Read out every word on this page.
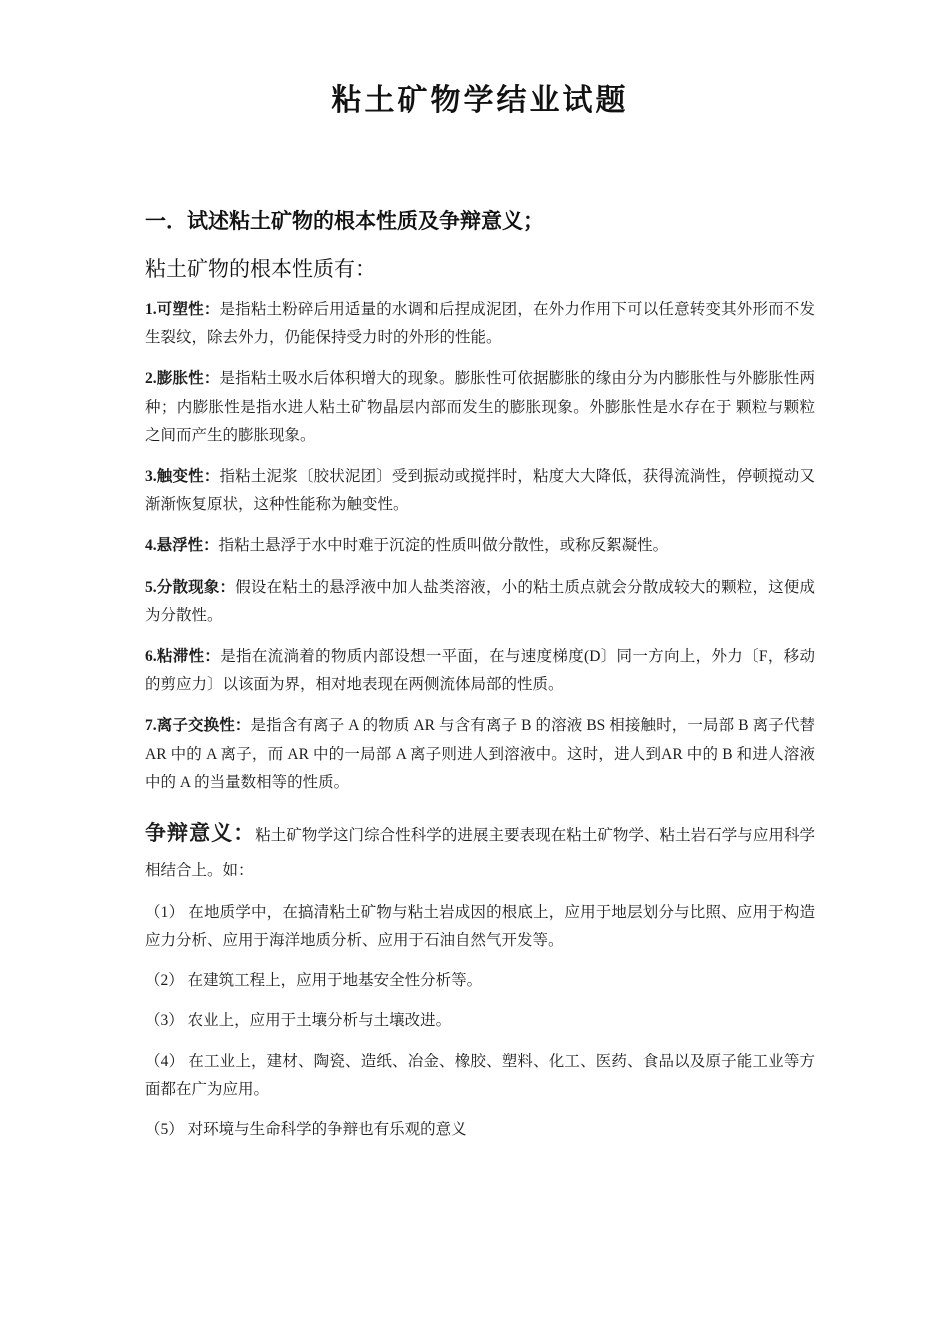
粘土矿物学结业试题
一．试述粘土矿物的根本性质及争辩意义；
粘土矿物的根本性质有：

1.可塑性：是指粘土粉碎后用适量的水调和后捏成泥团，在外力作用下可以任意转变其外形而不发生裂纹，除去外力，仍能保持受力时的外形的性能。

2.膨胀性：是指粘土吸水后体积增大的现象。膨胀性可依据膨胀的缘由分为内膨胀性与外膨胀性两种；内膨胀性是指水进人粘土矿物晶层内部而发生的膨胀现象。外膨胀性是水存在于 颗粒与颗粒之间而产生的膨胀现象。

3.触变性：指粘土泥浆〔胶状泥团〕受到振动或搅拌时，粘度大大降低，获得流淌性，停顿搅动又渐渐恢复原状，这种性能称为触变性。

4.悬浮性：指粘土悬浮于水中时难于沉淀的性质叫做分散性，或称反絮凝性。

5.分散现象：假设在粘土的悬浮液中加人盐类溶液，小的粘土质点就会分散成较大的颗粒，这便成为分散性。

6.粘滞性：是指在流淌着的物质内部设想一平面，在与速度梯度(D〕同一方向上，外力〔F，移动的剪应力〕以该面为界，相对地表现在两侧流体局部的性质。

7.离子交换性：是指含有离子 A 的物质 AR 与含有离子 B 的溶液 BS 相接触时，一局部 B 离子代替 AR 中的 A 离子，而 AR 中的一局部 A 离子则进人到溶液中。这时，进人到AR 中的 B 和进人溶液中的 A 的当量数相等的性质。

争辩意义：粘土矿物学这门综合性科学的进展主要表现在粘土矿物学、粘土岩石学与应用科学相结合上。如：

（1） 在地质学中，在搞清粘土矿物与粘土岩成因的根底上，应用于地层划分与比照、应用于构造应力分析、应用于海洋地质分析、应用于石油自然气开发等。

（2） 在建筑工程上，应用于地基安全性分析等。

（3） 农业上，应用于土壤分析与土壤改进。

（4） 在工业上，建材、陶瓷、造纸、冶金、橡胶、塑料、化工、医药、食品以及原子能工业等方面都在广为应用。

（5） 对环境与生命科学的争辩也有乐观的意义
